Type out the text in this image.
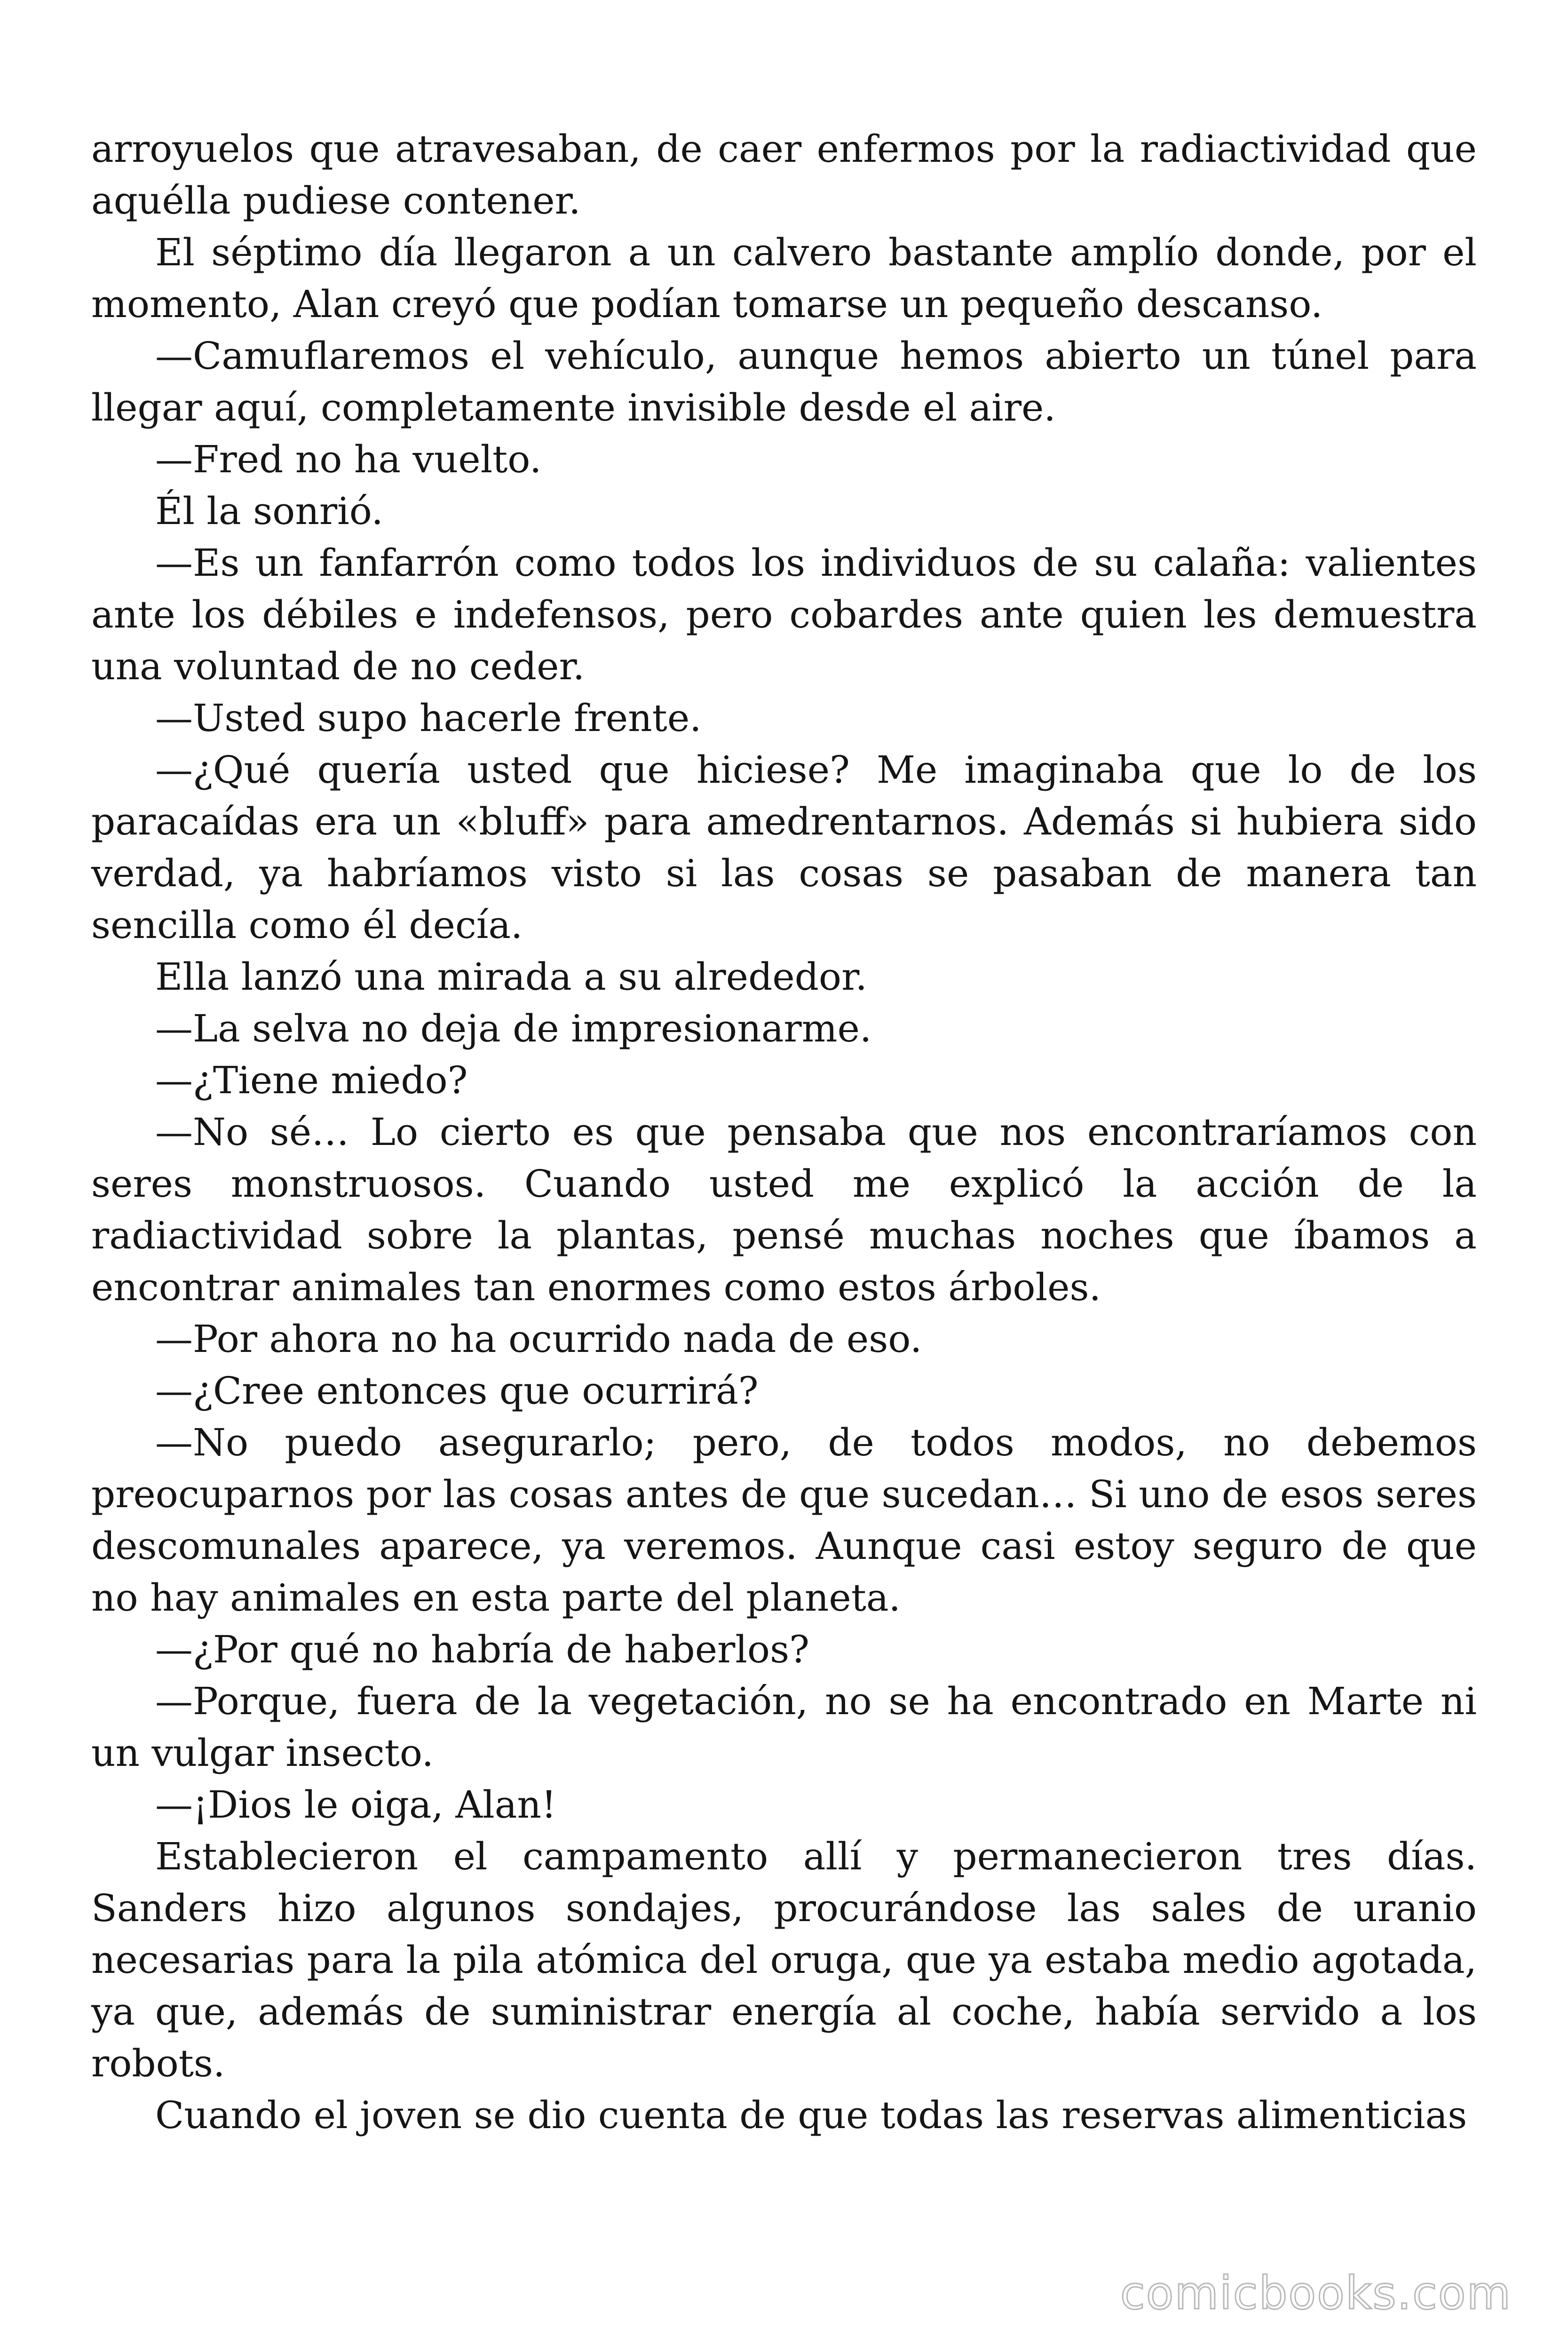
arroyuelos que atravesaban, de caer enfermos por la radiactividad que aquélla pudiese contener.

El séptimo día llegaron a un calvero bastante amplío donde, por el momento, Alan creyó que podían tomarse un pequeño descanso.

—Camuflaremos el vehículo, aunque hemos abierto un túnel para llegar aquí, completamente invisible desde el aire.

—Fred no ha vuelto.

Él la sonrió.

—Es un fanfarrón como todos los individuos de su calaña: valientes ante los débiles e indefensos, pero cobardes ante quien les demuestra una voluntad de no ceder.

—Usted supo hacerle frente.

—¿Qué quería usted que hiciese? Me imaginaba que lo de los paracaídas era un «bluff» para amedrentarnos. Además si hubiera sido verdad, ya habríamos visto si las cosas se pasaban de manera tan sencilla como él decía.

Ella lanzó una mirada a su alrededor.

—La selva no deja de impresionarme.

—¿Tiene miedo?

—No sé… Lo cierto es que pensaba que nos encontraríamos con seres monstruosos. Cuando usted me explicó la acción de la radiactividad sobre la plantas, pensé muchas noches que íbamos a encontrar animales tan enormes como estos árboles.

—Por ahora no ha ocurrido nada de eso.

—¿Cree entonces que ocurrirá?

—No puedo asegurarlo; pero, de todos modos, no debemos preocuparnos por las cosas antes de que sucedan… Si uno de esos seres descomunales aparece, ya veremos. Aunque casi estoy seguro de que no hay animales en esta parte del planeta.

—¿Por qué no habría de haberlos?

—Porque, fuera de la vegetación, no se ha encontrado en Marte ni un vulgar insecto.

—¡Dios le oiga, Alan!

Establecieron el campamento allí y permanecieron tres días. Sanders hizo algunos sondajes, procurándose las sales de uranio necesarias para la pila atómica del oruga, que ya estaba medio agotada, ya que, además de suministrar energía al coche, había servido a los robots.

Cuando el joven se dio cuenta de que todas las reservas alimenticias

comicbooks.com
